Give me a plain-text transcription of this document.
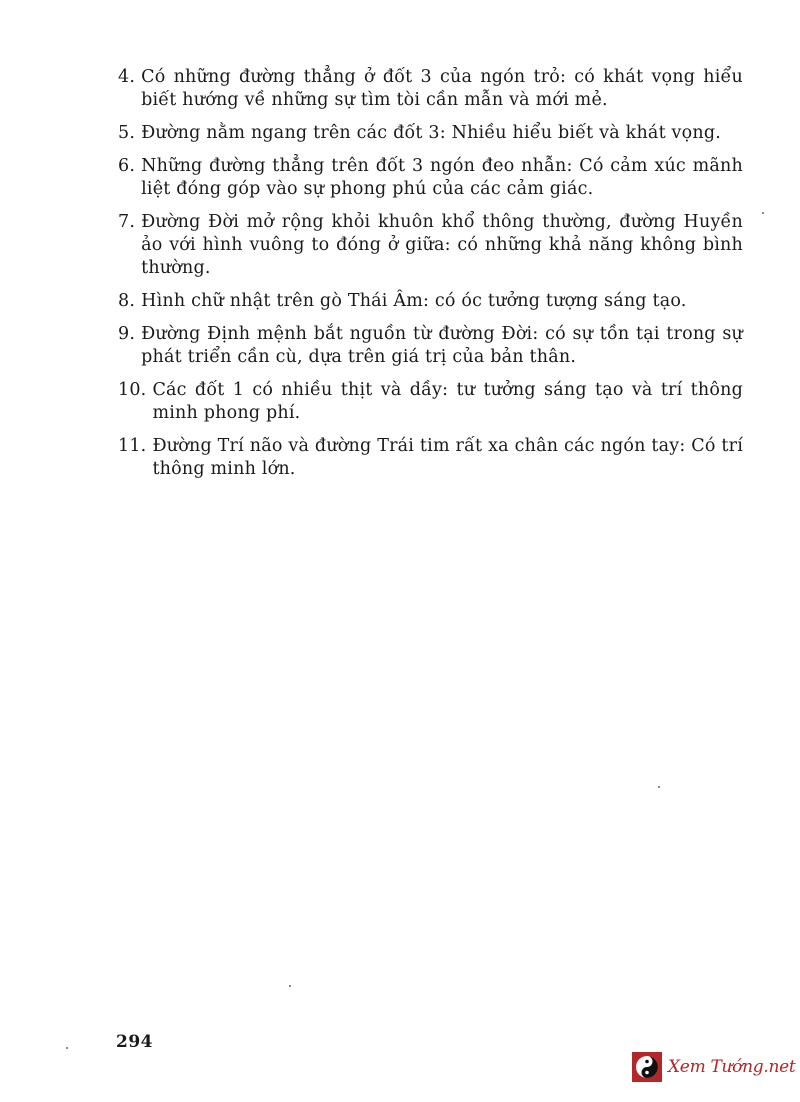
4. Có những đường thẳng ở đốt 3 của ngón trỏ: có khát vọng hiểu biết hướng về những sự tìm tòi cần mẫn và mới mẻ.
5. Đường nằm ngang trên các đốt 3: Nhiều hiểu biết và khát vọng.
6. Những đường thẳng trên đốt 3 ngón đeo nhẫn: Có cảm xúc mãnh liệt đóng góp vào sự phong phú của các cảm giác.
7. Đường Đời mở rộng khỏi khuôn khổ thông thường, đường Huyền ảo với hình vuông to đóng ở giữa: có những khả năng không bình thường.
8. Hình chữ nhật trên gò Thái Âm: có óc tưởng tượng sáng tạo.
9. Đường Định mệnh bắt nguồn từ đường Đời: có sự tồn tại trong sự phát triển cần cù, dựa trên giá trị của bản thân.
10. Các đốt 1 có nhiều thịt và dầy: tư tưởng sáng tạo và trí thông minh phong phí.
11. Đường Trí não và đường Trái tim rất xa chân các ngón tay: Có trí thông minh lớn.
294
Xem Tướng.net
